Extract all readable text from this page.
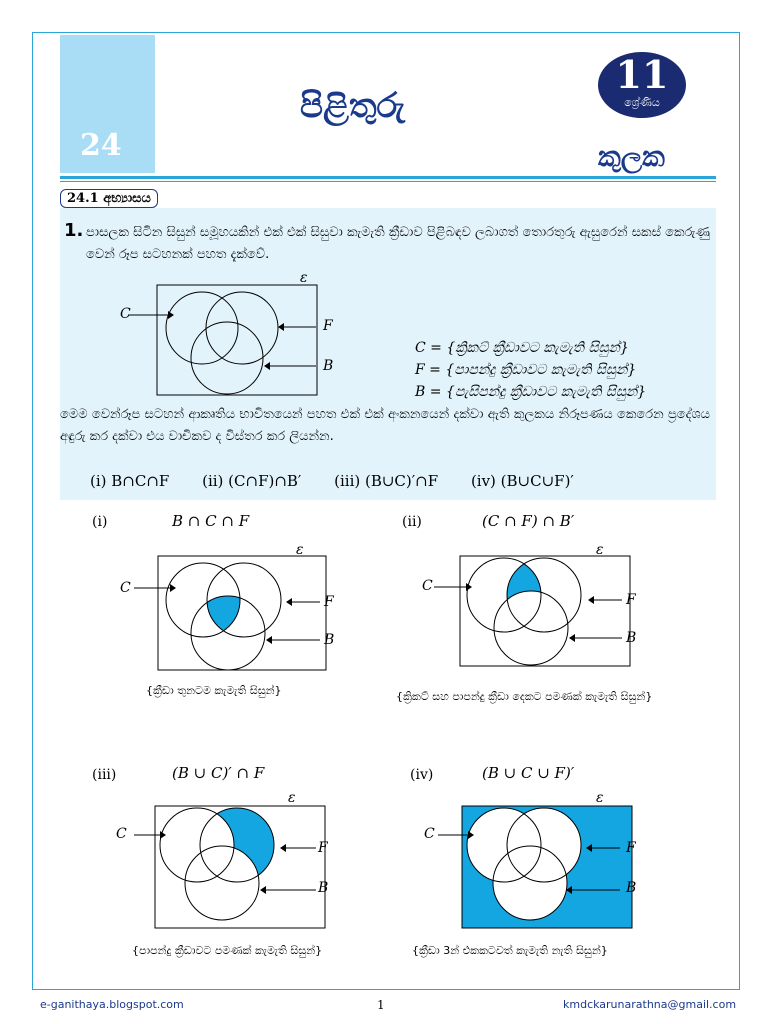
24
පිළිතුරු
11
ශ්‍රේණිය
කුලක
24.1 අභ්‍යාසය
1. පාසලක සිටින සිසුන් සමූහයකින් එක් එක් සිසුවා කැමැති ක්‍රීඩාව පිළිබඳව ලබාගත් තොරතුරු ඇසුරෙන් සකස් කෙරුණු වෙන් රූප සටහනක් පහත දැක්වේ.
C
F
B
ε
C = {ක්‍රිකට් ක්‍රීඩාවට කැමැති සිසුන්}
F = {පාපන්දු ක්‍රීඩාවට කැමැති සිසුන්}
B = {පැසිපන්දු ක්‍රීඩාවට කැමැති සිසුන්}
මෙම වෙන්රූප සටහන් ආකෘතිය භාවිතයෙන් පහත එක් එක් අංකනයෙන් දක්වා ඇති කුලකය නිරූපණය කෙරෙන ප්‍රදේශය අඳුරු කර දක්වා එය වාචිකව ද විස්තර කර ලියන්න.
(i) B∩C∩F (ii) (C∩F)∩B′ (iii) (B∪C)′∩F (iv) (B∪C∪F)′
(i)	B ∩ C ∩ F
C
F
B
ε
{ක්‍රීඩා තුනටම කැමැති සිසුන්}
(ii)	(C ∩ F) ∩ B′
C
F
B
ε
{ක්‍රිකට් සහ පාපන්දු ක්‍රීඩා දෙකට පමණක් කැමැති සිසුන්}
(iii)	(B ∪ C)′ ∩ F
C
F
B
ε
{පාපන්දු ක්‍රීඩාවට පමණක් කැමැති සිසුන්}
(iv)	(B ∪ C ∪ F)′
C
F
B
ε
{ක්‍රීඩා 3න් එකකටවත් කැමැති නැති සිසුන්}
e-ganithaya.blogspot.com	1	kmdckarunarathna@gmail.com
